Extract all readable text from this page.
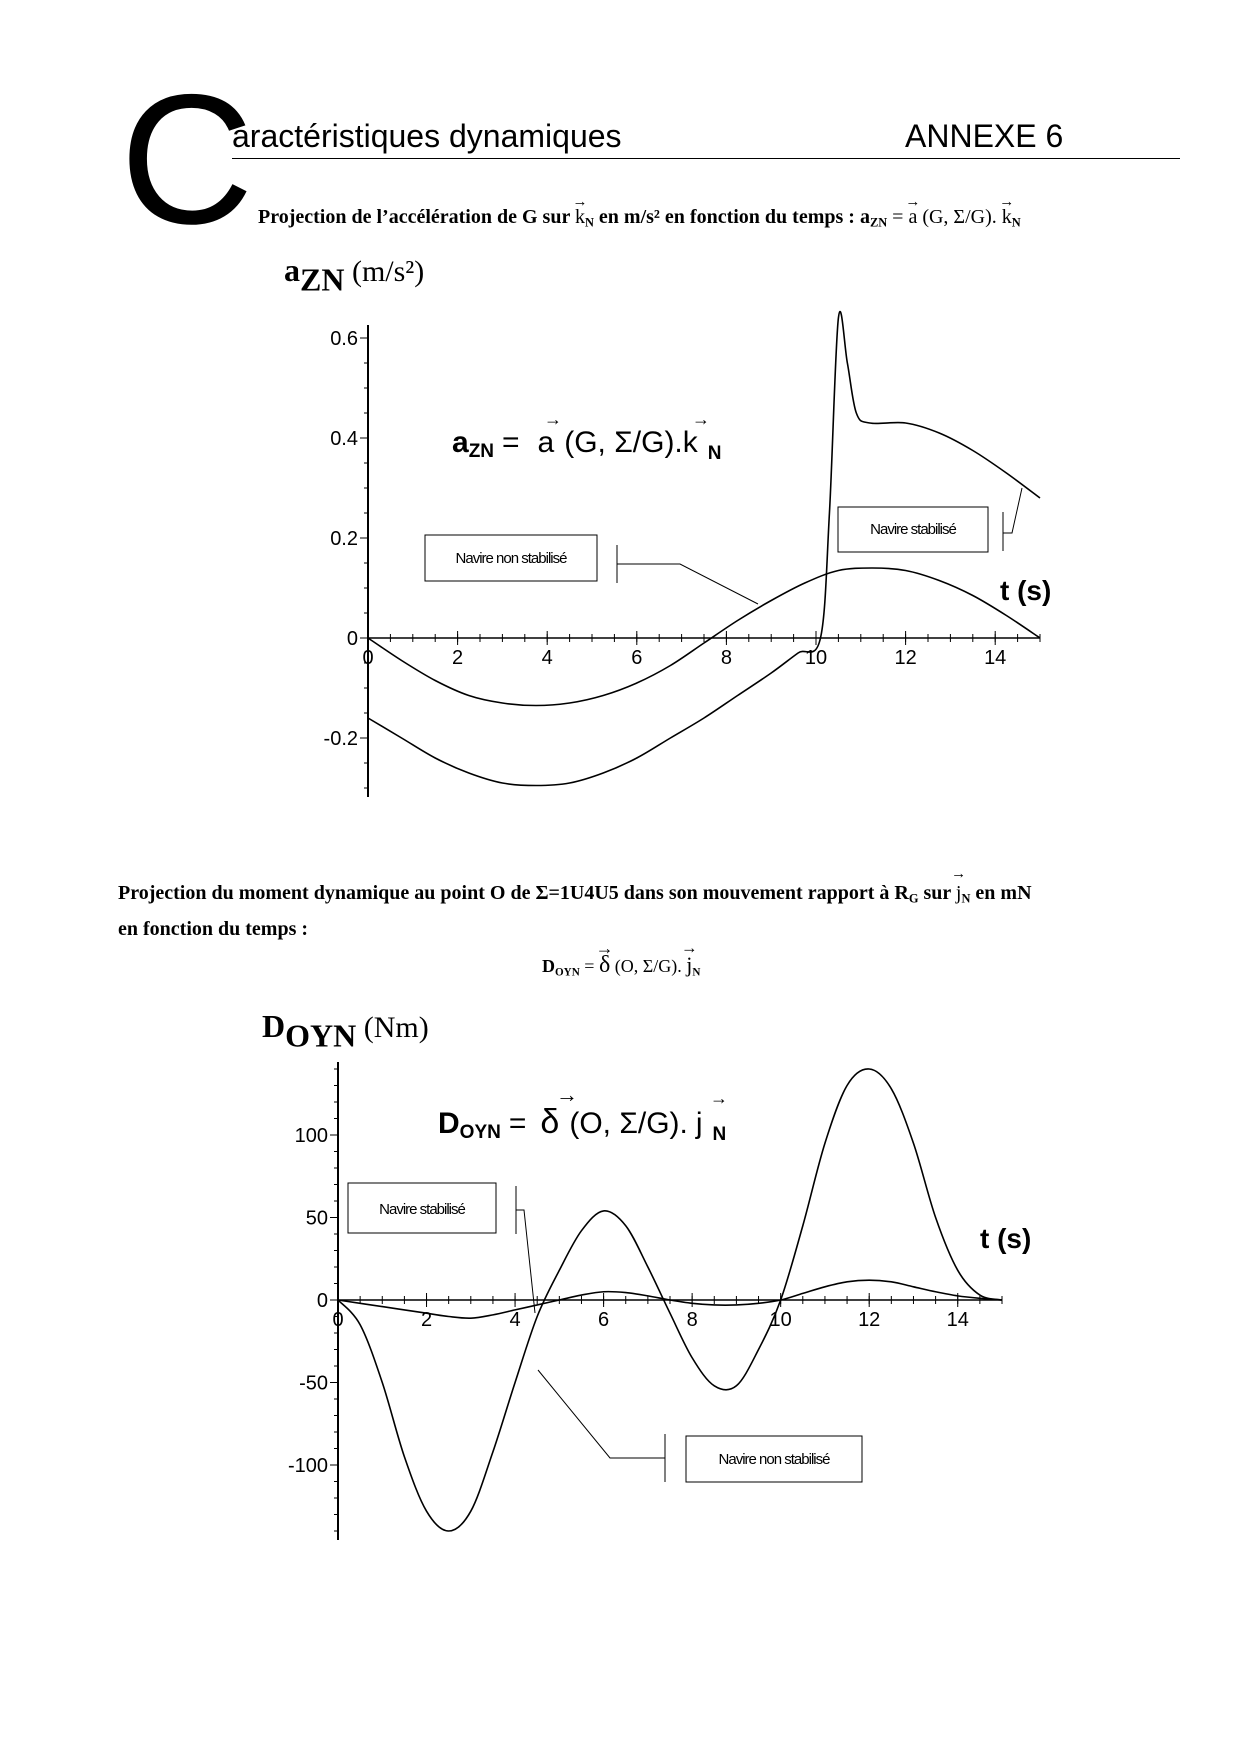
C
aractéristiques dynamiques	ANNEXE 6
Projection de l’accélération de G sur → $k_N$ en m/s² en fonction du temps : $a_{ZN}$ = → a (G, Σ/G). → $k_N$
aZN (m/s²)
0	2	4	6	8	10	12	14
-0.2
0
0.2
0.4
0.6
Navire non stabilisé
Navire stabilisé
aZN = a (G, Σ/G).k $_N$
→	→
t (s)
Projection du moment dynamique au point O de Σ=1U4U5 dans son mouvement rapport à $R_G$ sur → $j_N$ en mN
en fonction du temps :
$D_{OYN}$ = → δ (O, Σ/G). → $j_N$
DOYN (Nm)
0	2	4	6	8	10	12	14
-100
-50
0
50
100
Navire stabilisé
Navire non stabilisé
DOYN = δ (O, Σ/G). j $_N$
→	→
t (s)
